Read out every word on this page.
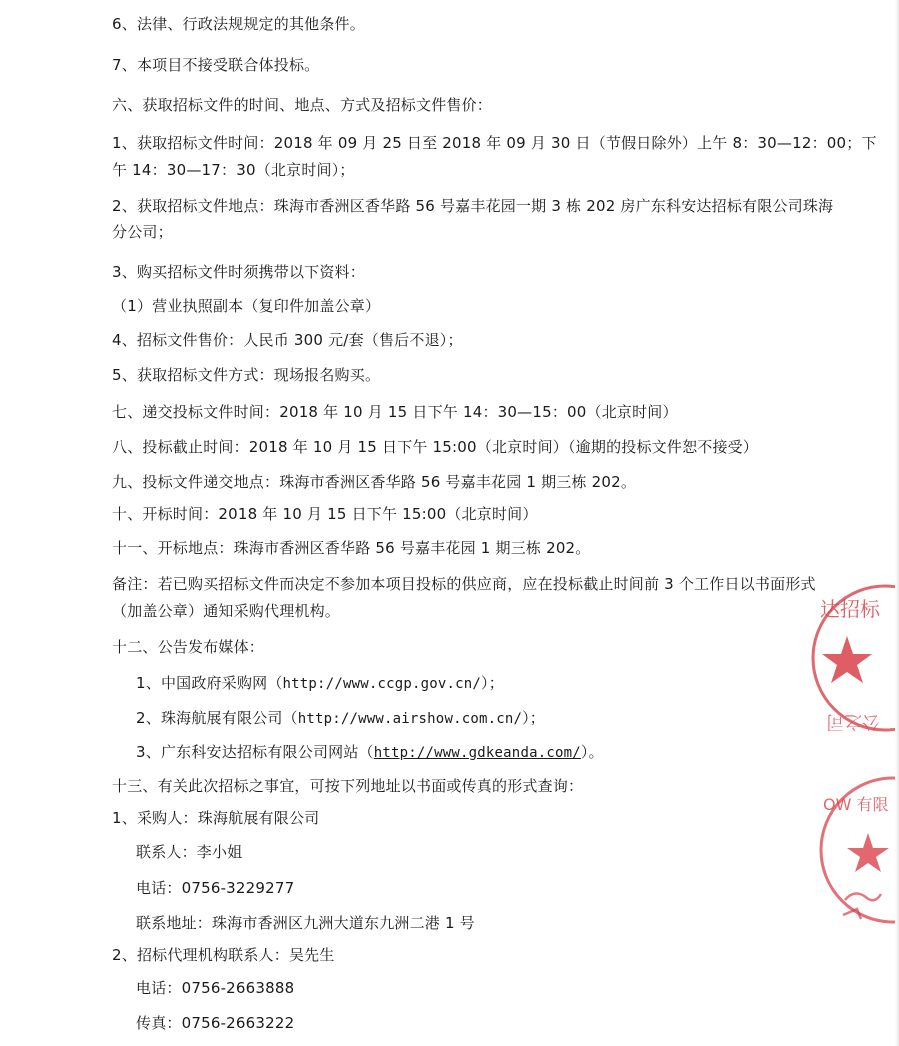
6、法律、行政法规规定的其他条件。
7、本项目不接受联合体投标。
六、获取招标文件的时间、地点、方式及招标文件售价：
1、获取招标文件时间：2018 年 09 月 25 日至 2018 年 09 月 30 日（节假日除外）上午 8：30—12：00；下
午 14：30—17：30（北京时间）；
2、获取招标文件地点：珠海市香洲区香华路 56 号嘉丰花园一期 3 栋 202 房广东科安达招标有限公司珠海
分公司；
3、购买招标文件时须携带以下资料：
（1）营业执照副本（复印件加盖公章）
4、招标文件售价：人民币 300 元/套（售后不退）；
5、获取招标文件方式：现场报名购买。
七、递交投标文件时间：2018 年 10 月 15 日下午 14：30—15：00（北京时间）
八、投标截止时间：2018 年 10 月 15 日下午 15:00（北京时间）（逾期的投标文件恕不接受）
九、投标文件递交地点：珠海市香洲区香华路 56 号嘉丰花园 1 期三栋 202。
十、开标时间：2018 年 10 月 15 日下午 15:00（北京时间）
十一、开标地点：珠海市香洲区香华路 56 号嘉丰花园 1 期三栋 202。
备注：若已购买招标文件而决定不参加本项目投标的供应商，应在投标截止时间前 3 个工作日以书面形式
（加盖公章）通知采购代理机构。
十二、公告发布媒体：
1、中国政府采购网（http://www.ccgp.gov.cn/）；
2、珠海航展有限公司（http://www.airshow.com.cn/）；
3、广东科安达招标有限公司网站（http://www.gdkeanda.com/）。
十三、有关此次招标之事宜，可按下列地址以书面或传真的形式查询：
1、采购人：珠海航展有限公司
联系人：李小姐
电话：0756-3229277
联系地址：珠海市香洲区九洲大道东九洲二港 1 号
2、招标代理机构联系人：吴先生
电话：0756-2663888
传真：0756-2663222
达招标
公之司
OW 有限
